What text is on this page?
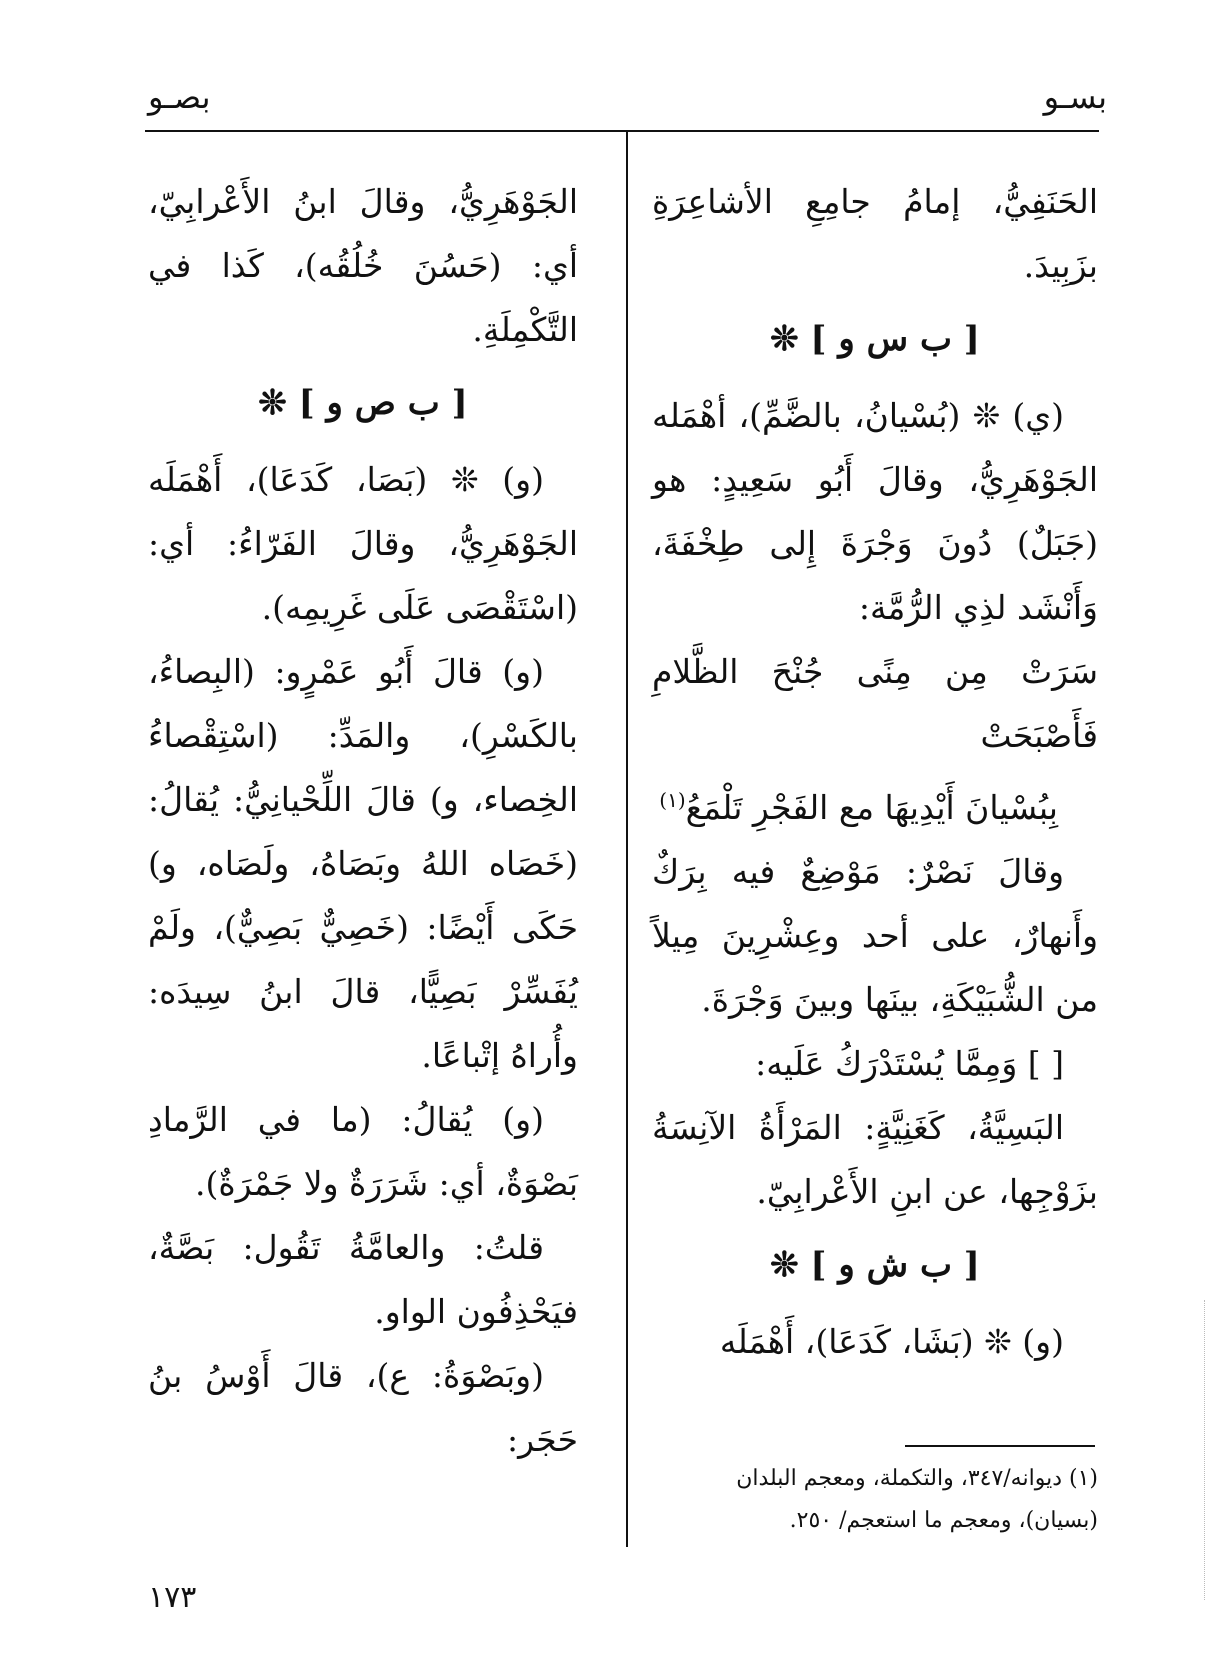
بصـو	بسـو

الحَنَفِيُّ، إمامُ جامِعِ الأشاعِرَةِ بزَبِيدَ.

[ ب س و ] ❊

(ي) ❊ (بُسْيانُ، بالضَّمِّ)، أهْمَله الجَوْهَرِيُّ، وقالَ أَبُو سَعِيدٍ: هو (جَبَلٌ) دُونَ وَجْرَةَ إِلى طِخْفَةَ، وَأَنْشَد لذِي الرُّمَّة:

سَرَتْ مِن مِنًى جُنْحَ الظَّلامِ فَأَصْبَحَتْ

بِبُسْيانَ أَيْدِيهَا مع الفَجْرِ تَلْمَعُ$^{(١)}$

وقالَ نَصْرٌ: مَوْضِعٌ فيه بِرَكٌ وأَنهارٌ، على أحد وعِشْرِينَ مِيلاً من الشُّبَيْكَةِ، بينَها وبينَ وَجْرَةَ.

[ ] وَمِمَّا يُسْتَدْرَكُ عَلَيه:

البَسِيَّةُ، كَغَنِيَّةٍ: المَرْأَةُ الآنِسَةُ بزَوْجِها، عن ابنِ الأَعْرابِيّ.

[ ب ش و ] ❊

(و) ❊ (بَشَا، كَدَعَا)، أَهْمَلَه

الجَوْهَرِيُّ، وقالَ ابنُ الأَعْرابِيّ، أي: (حَسُنَ خُلُقُه)، كَذا في التَّكْمِلَةِ.

[ ب ص و ] ❊

(و) ❊ (بَصَا، كَدَعَا)، أَهْمَلَه الجَوْهَرِيُّ، وقالَ الفَرّاءُ: أي: (اسْتَقْصَى عَلَى غَرِيمِه).

(و) قالَ أَبُو عَمْرٍو: (البِصاءُ، بالكَسْرِ)، والمَدِّ: (اسْتِقْصاءُ الخِصاء، و) قالَ اللِّحْيانِيُّ: يُقالُ: (خَصَاه اللهُ وبَصَاهُ، ولَصَاه، و) حَكَى أَيْضًا: (خَصِيٌّ بَصِيٌّ)، ولَمْ يُفَسِّرْ بَصِيًّا، قالَ ابنُ سِيدَه: وأُراهُ إتْباعًا.

(و) يُقالُ: (ما في الرَّمادِ بَصْوَةٌ، أي: شَرَرَةٌ ولا جَمْرَةٌ).

قلتُ: والعامَّةُ تَقُول: بَصَّةٌ، فيَحْذِفُون الواو.

(وبَصْوَةُ: ع)، قالَ أَوْسُ بنُ حَجَر:

(١) ديوانه/٣٤٧، والتكملة، ومعجم البلدان

(بسيان)، ومعجم ما استعجم/ ٢٥٠.

١٧٣
